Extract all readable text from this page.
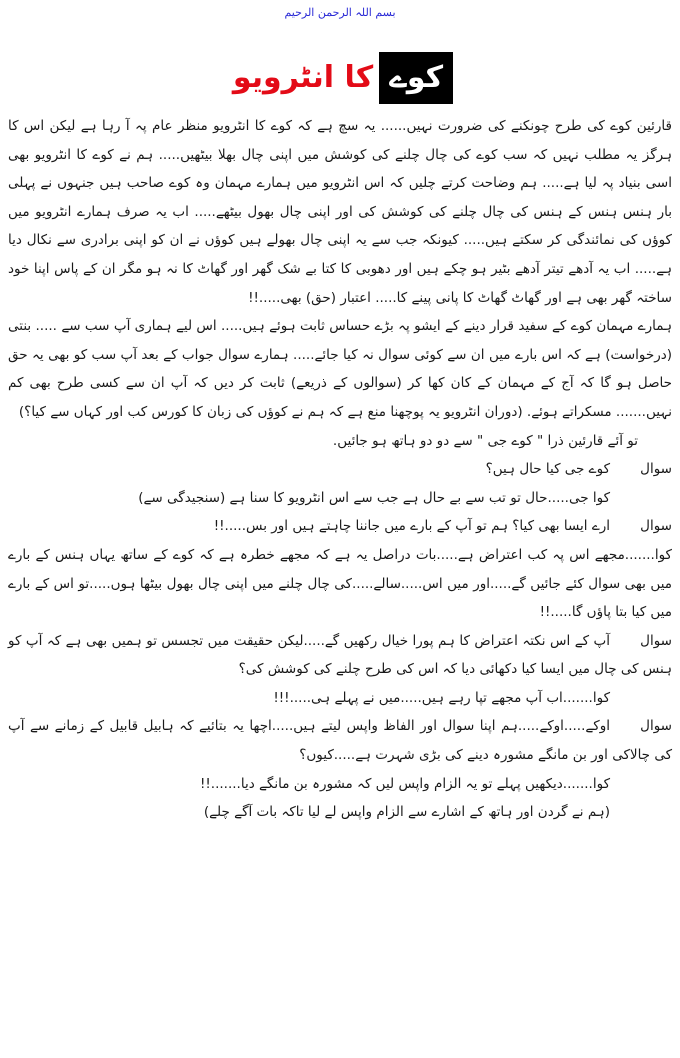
بسم اللہ الرحمن الرحیم
کوے
کا انٹرویو

قارئین کوے کی طرح چونکنے کی ضرورت نہیں...... یہ سچ ہے کہ کوے کا انٹرویو منظر عام پہ آ رہا ہے لیکن اس کا ہرگز یہ مطلب نہیں کہ سب کوے کی چال چلنے کی کوشش میں اپنی چال بھلا بیٹھیں..... ہم نے کوے کا انٹرویو بھی اسی بنیاد پہ لیا ہے..... ہم وضاحت کرتے چلیں کہ اس انٹرویو میں ہمارے مہمان وہ کوے صاحب ہیں جنہوں نے پہلی بار ہنس ہنس کے ہنس کی چال چلنے کی کوشش کی اور اپنی چال بھول بیٹھے..... اب یہ صرف ہمارے انٹرویو میں کوؤں کی نمائندگی کر سکتے ہیں..... کیونکہ جب سے یہ اپنی چال بھولے ہیں کوؤں نے ان کو اپنی برادری سے نکال دیا ہے..... اب یہ آدھے تیتر آدھے بٹیر ہو چکے ہیں اور دھوبی کا کتا بے شک گھر اور گھاٹ کا نہ ہو مگر ان کے پاس اپنا خود ساختہ گھر بھی ہے اور گھاٹ گھاٹ کا پانی پینے کا..... اعتبار (حق) بھی.....!!

ہمارے مہمان کوے کے سفید قرار دینے کے ایشو پہ بڑے حساس ثابت ہوئے ہیں..... اس لیے ہماری آپ سب سے ..... بنتی (درخواست) ہے کہ اس بارے میں ان سے کوئی سوال نہ کیا جائے..... ہمارے سوال جواب کے بعد آپ سب کو بھی یہ حق حاصل ہو گا کہ آج کے مہمان کے کان کھا کر (سوالوں کے ذریعے) ثابت کر دیں کہ آپ ان سے کسی طرح بھی کم نہیں....... مسکراتے ہوئے. (دوران انٹرویو یہ پوچھنا منع ہے کہ ہم نے کوؤں کی زبان کا کورس کب اور کہاں سے کیا؟)

تو آئے قارئین ذرا " کوے جی " سے دو دو ہاتھ ہو جائیں.

سوالکوے جی کیا حال ہیں؟

کوا جی.....حال تو تب سے بے حال ہے جب سے اس انٹرویو کا سنا ہے (سنجیدگی سے)

سوالارے ایسا بھی کیا؟ ہم تو آپ کے بارے میں جاننا چاہتے ہیں اور بس.....!!

کوا.......مجھے اس پہ کب اعتراض ہے.....بات دراصل یہ ہے کہ مجھے خطرہ ہے کہ کوے کے ساتھ یہاں ہنس کے بارے میں بھی سوال کئے جائیں گے.....اور میں اس.....سالے.....کی چال چلنے میں اپنی چال بھول بیٹھا ہوں.....تو اس کے بارے میں کیا بتا پاؤں گا.....!!

سوالآپ کے اس نکتہ اعتراض کا ہم پورا خیال رکھیں گے.....لیکن حقیقت میں تجسس تو ہمیں بھی ہے کہ آپ کو ہنس کی چال میں ایسا کیا دکھائی دیا کہ اس کی طرح چلنے کی کوشش کی؟

کوا.......اب آپ مجھے تپا رہے ہیں.....میں نے پہلے ہی.....!!!

سوالاوکے.....اوکے.....ہم اپنا سوال اور الفاظ واپس لیتے ہیں.....اچھا یہ بتائیے کہ ہابیل قابیل کے زمانے سے آپ کی چالاکی اور بن مانگے مشورہ دینے کی بڑی شہرت ہے.....کیوں؟

کوا.......دیکھیں پہلے تو یہ الزام واپس لیں کہ مشورہ بن مانگے دیا.......!!

(ہم نے گردن اور ہاتھ کے اشارے سے الزام واپس لے لیا تاکہ بات آگے چلے)
